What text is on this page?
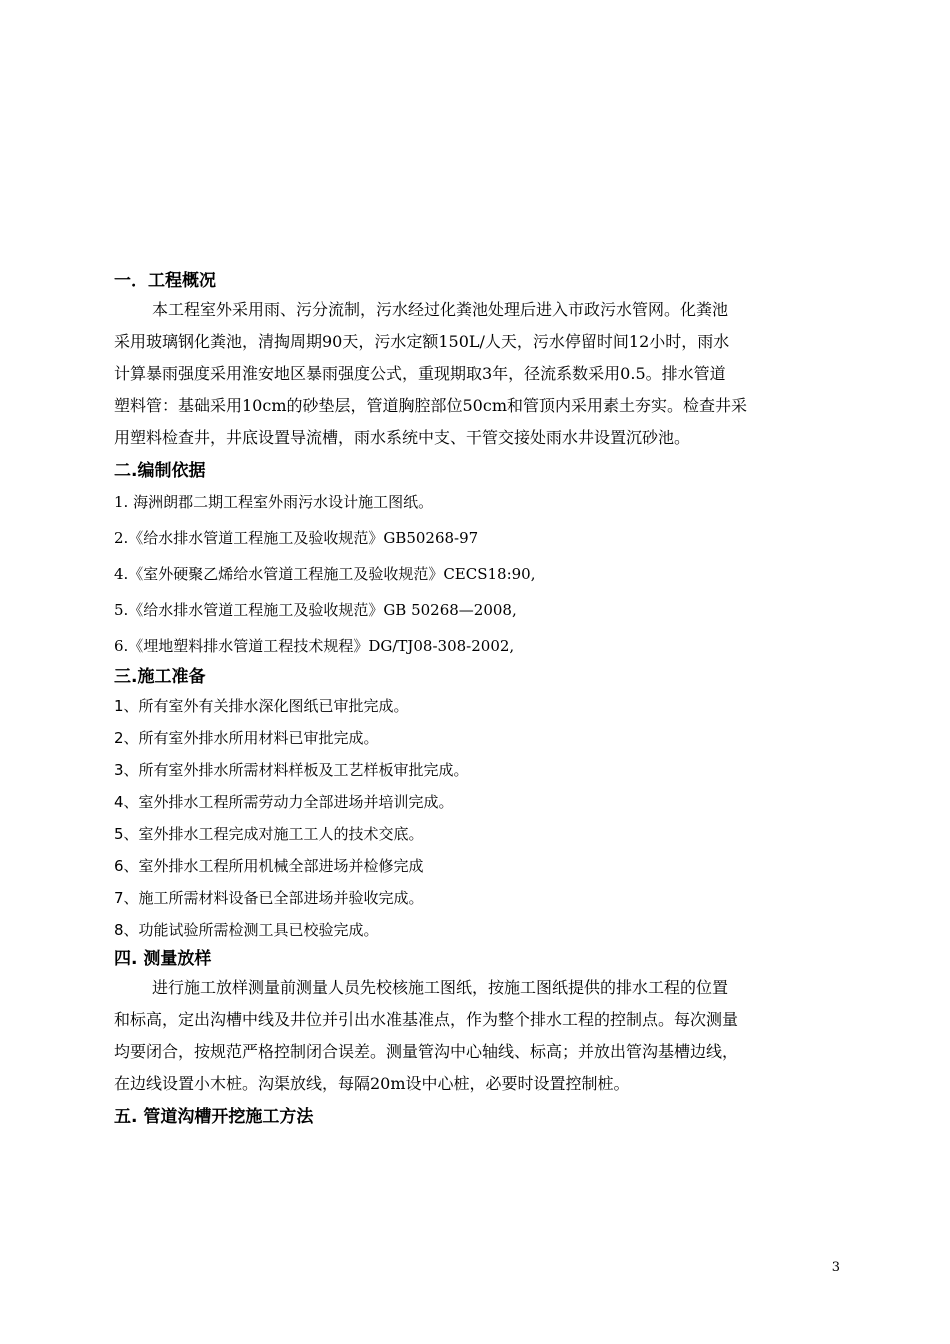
一．工程概况

本工程室外采用雨、污分流制，污水经过化粪池处理后进入市政污水管网。化粪池
采用玻璃钢化粪池，清掏周期90天，污水定额150L/人天，污水停留时间12小时，雨水
计算暴雨强度采用淮安地区暴雨强度公式，重现期取3年，径流系数采用0.5。排水管道
塑料管：基础采用10cm的砂垫层，管道胸腔部位50cm和管顶内采用素土夯实。检查井采
用塑料检查井，井底设置导流槽，雨水系统中支、干管交接处雨水井设置沉砂池。

二.编制依据

1. 海洲朗郡二期工程室外雨污水设计施工图纸。

2.《给水排水管道工程施工及验收规范》GB50268-97

4.《室外硬聚乙烯给水管道工程施工及验收规范》CECS18:90,

5.《给水排水管道工程施工及验收规范》GB 50268—2008,

6.《埋地塑料排水管道工程技术规程》DG/TJ08-308-2002,

三.施工准备

1、所有室外有关排水深化图纸已审批完成。

2、所有室外排水所用材料已审批完成。

3、所有室外排水所需材料样板及工艺样板审批完成。

4、室外排水工程所需劳动力全部进场并培训完成。

5、室外排水工程完成对施工工人的技术交底。

6、室外排水工程所用机械全部进场并检修完成

7、施工所需材料设备已全部进场并验收完成。

8、功能试验所需检测工具已校验完成。

四. 测量放样

进行施工放样测量前测量人员先校核施工图纸，按施工图纸提供的排水工程的位置
和标高，定出沟槽中线及井位并引出水准基准点，作为整个排水工程的控制点。每次测量
均要闭合，按规范严格控制闭合误差。测量管沟中心轴线、标高；并放出管沟基槽边线，
在边线设置小木桩。沟渠放线，每隔20m设中心桩，必要时设置控制桩。

五. 管道沟槽开挖施工方法

3
